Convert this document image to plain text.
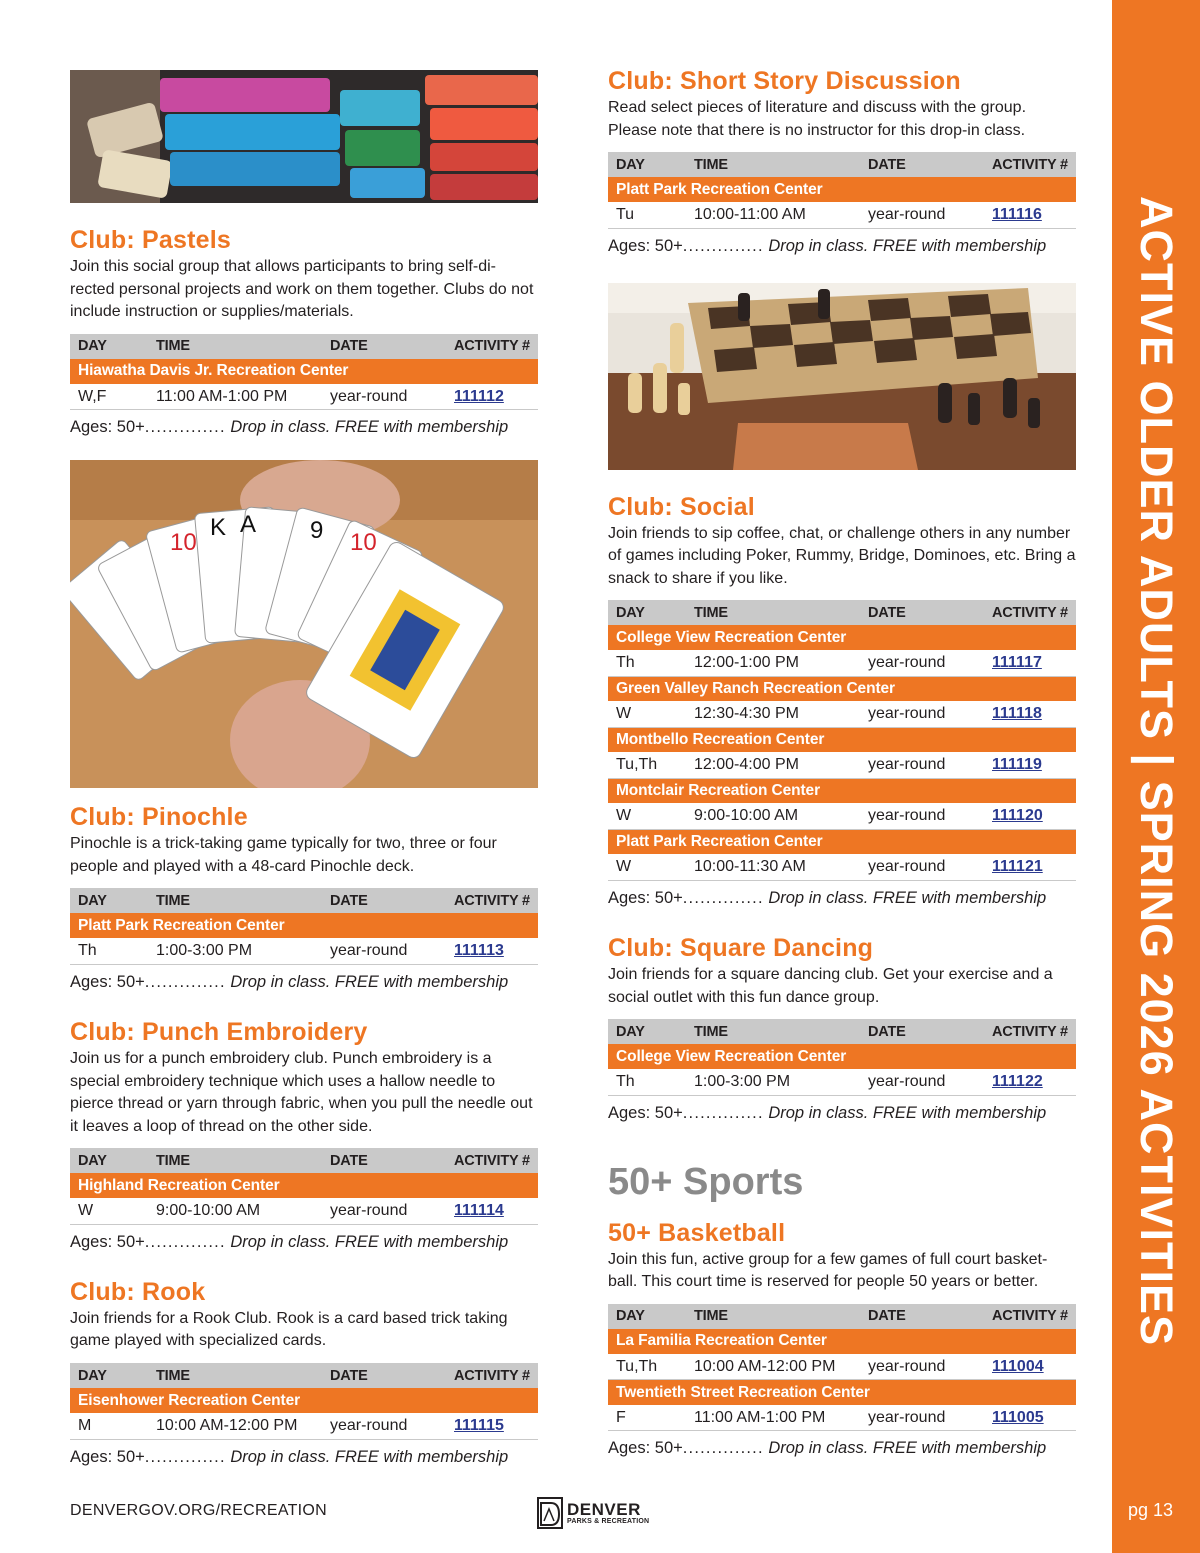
Club: Pastels
Join this social group that allows participants to bring self-di-rected personal projects and work on them together. Clubs do not include instruction or supplies/materials.
DAY	TIME	DATE	ACTIVITY #
Hiawatha Davis Jr. Recreation Center			
W,F	11:00 AM-1:00 PM	year-round	111112
Ages: 50+.............. Drop in class. FREE with membership
10
K A 9 10
Club: Pinochle
Pinochle is a trick-taking game typically for two, three or four people and played with a 48-card Pinochle deck.
DAY	TIME	DATE	ACTIVITY #
Platt Park Recreation Center			
Th	1:00-3:00 PM	year-round	111113
Ages: 50+.............. Drop in class. FREE with membership
Club: Punch Embroidery
Join us for a punch embroidery club. Punch embroidery is a special embroidery technique which uses a hallow needle to pierce thread or yarn through fabric, when you pull the needle out it leaves a loop of thread on the other side.
DAY	TIME	DATE	ACTIVITY #
Highland Recreation Center			
W	9:00-10:00 AM	year-round	111114
Ages: 50+.............. Drop in class. FREE with membership
Club: Rook
Join friends for a Rook Club. Rook is a card based trick taking game played with specialized cards.
DAY	TIME	DATE	ACTIVITY #
Eisenhower Recreation Center			
M	10:00 AM-12:00 PM	year-round	111115
Ages: 50+.............. Drop in class. FREE with membership
Club: Short Story Discussion
Read select pieces of literature and discuss with the group. Please note that there is no instructor for this drop-in class.
DAY	TIME	DATE	ACTIVITY #
Platt Park Recreation Center			
Tu	10:00-11:00 AM	year-round	111116
Ages: 50+.............. Drop in class. FREE with membership
Club: Social
Join friends to sip coffee, chat, or challenge others in any number of games including Poker, Rummy, Bridge, Dominoes, etc. Bring a snack to share if you like.
DAY	TIME	DATE	ACTIVITY #
College View Recreation Center			
Th	12:00-1:00 PM	year-round	111117
Green Valley Ranch Recreation Center			
W	12:30-4:30 PM	year-round	111118
Montbello Recreation Center			
Tu,Th	12:00-4:00 PM	year-round	111119
Montclair Recreation Center			
W	9:00-10:00 AM	year-round	111120
Platt Park Recreation Center			
W	10:00-11:30 AM	year-round	111121
Ages: 50+.............. Drop in class. FREE with membership
Club: Square Dancing
Join friends for a square dancing club. Get your exercise and a social outlet with this fun dance group.
DAY	TIME	DATE	ACTIVITY #
College View Recreation Center			
Th	1:00-3:00 PM	year-round	111122
Ages: 50+.............. Drop in class. FREE with membership
50+ Sports
50+ Basketball
Join this fun, active group for a few games of full court basket-ball. This court time is reserved for people 50 years or better.
DAY	TIME	DATE	ACTIVITY #
La Familia Recreation Center			
Tu,Th	10:00 AM-12:00 PM	year-round	111004
Twentieth Street Recreation Center			
F	11:00 AM-1:00 PM	year-round	111005
Ages: 50+.............. Drop in class. FREE with membership
ACTIVE OLDER ADULTS | SPRING 2026 ACTIVITIES
pg 13
DENVERGOV.ORG/RECREATION	DENVER
PARKS & RECREATION
